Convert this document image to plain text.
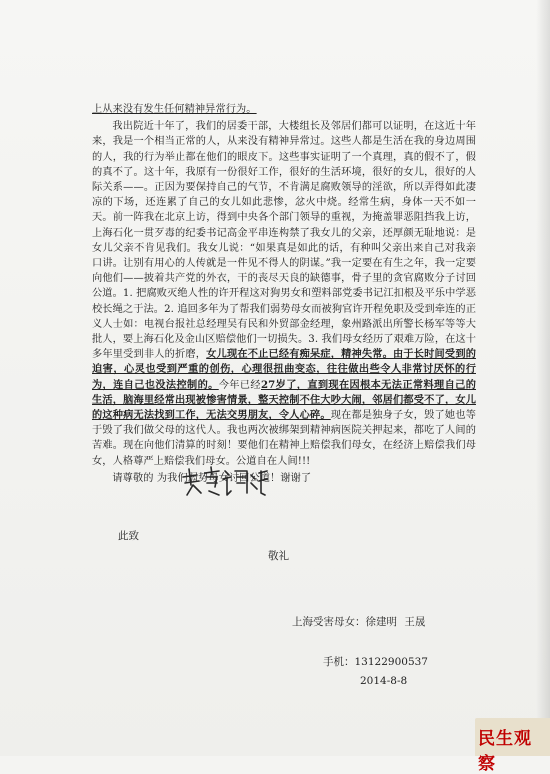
上从来没有发生任何精神异常行为。
我出院近十年了，我们的居委干部，大楼组长及邻居们都可以证明，在这近十年来，我是一个相当正常的人，从来没有精神异常过。这些人都是生活在我的身边周围的人，我的行为举止都在他们的眼皮下。这些事实证明了一个真理，真的假不了，假的真不了。这十年，我原有一份很好工作，很好的生活环境，很好的女儿，很好的人际关系——。正因为要保持自己的气节，不肯满足腐败领导的淫欲，所以弄得如此凄凉的下场，还连累了自己的女儿如此悲惨，忿火中烧。经常生病，身体一天不如一天。前一阵我在北京上访，得到中央各个部门领导的重视，为掩盖罪恶阻挡我上访，上海石化一贯歹毒的纪委书记高金平串连构禁了我女儿的父亲，还厚颜无耻地说：是女儿父亲不肯见我们。我女儿说：“如果真是如此的话，有种叫父亲出来自己对我亲口讲。让别有用心的人传就是一件见不得人的阴谋。”我一定要在有生之年，我一定要向他们——披着共产党的外衣，干的丧尽天良的缺德事，骨子里的贪官腐败分子讨回公道。1. 把腐败灭绝人性的许开程这对狗男女和塑料部党委书记江扣根及平乐中学恶校长绳之于法。2. 追回多年为了帮我们弱势母女而被狗官许开程免职及受到牵连的正义人士如：电视台报社总经理吴有民和外贸部金经理，象州路派出所警长杨军等等大批人，要上海石化及金山区赔偿他们一切损失。3. 我们母女经历了艰难万险，在这十多年里受到非人的折磨，女儿现在不止已经有痴呆症，精神失常。由于长时间受到的迫害，心灵也受到严重的创伤，心理很扭曲变态，往往做出些令人非常讨厌怀的行为，连自己也没法控制的。今年已经27岁了，直到现在因根本无法正常料理自己的生活，脑海里经常出现被惨害情景，整天控制不住大吵大闹，邻居们都受不了，女儿的这种病无法找到工作，无法交男朋友，令人心碎。现在都是独身子女，毁了她也等于毁了我们做父母的这代人。我也两次被绑架到精神病医院关押起来，都吃了人间的苦难。现在向他们清算的时刻！要他们在精神上赔偿我们母女，在经济上赔偿我们母女，人格尊严上赔偿我们母女。公道自在人间!!!
请尊敬的 为我们弱势母女讨回公道！谢谢了
此致
敬礼
上海受害母女：徐建明 王晟
手机：13122900537
2014-8-8
民生观察
